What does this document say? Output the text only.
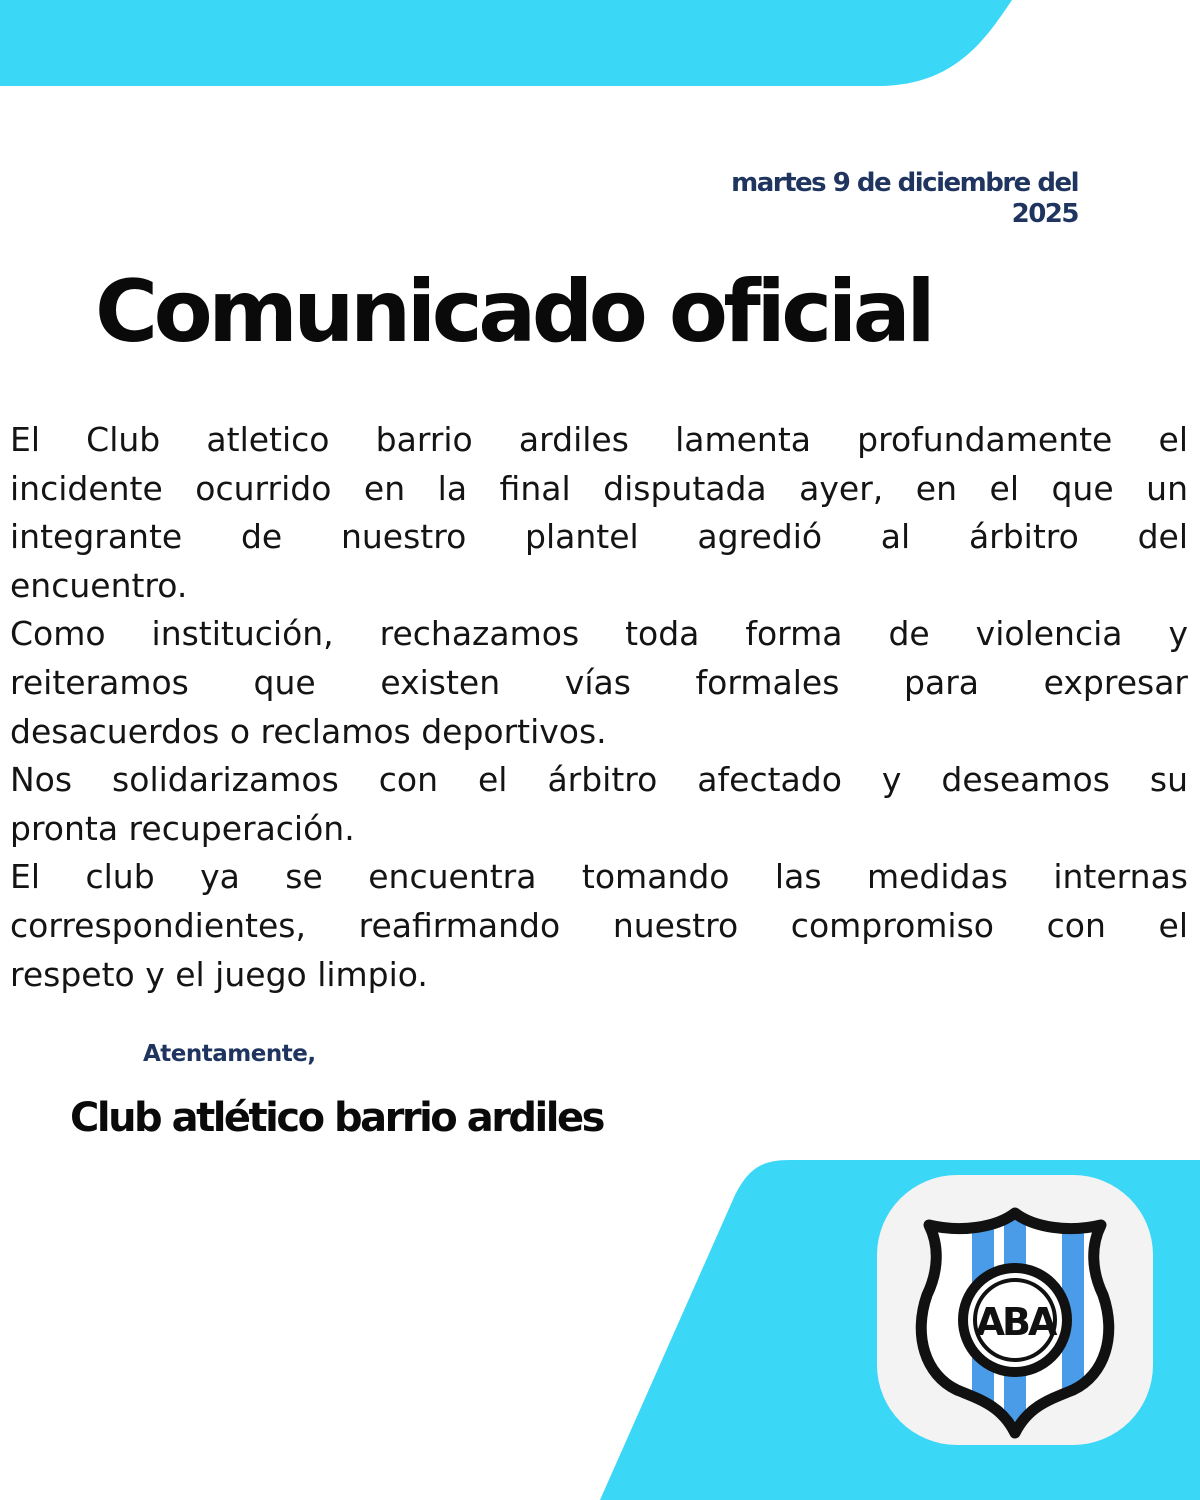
martes 9 de diciembre del
2025
Comunicado oficial
El Club atletico barrio ardiles lamenta profundamente el
incidente ocurrido en la final disputada ayer, en el que un
integrante de nuestro plantel agredió al árbitro del
encuentro.
Como institución, rechazamos toda forma de violencia y
reiteramos que existen vías formales para expresar
desacuerdos o reclamos deportivos.
Nos solidarizamos con el árbitro afectado y deseamos su
pronta recuperación.
El club ya se encuentra tomando las medidas internas
correspondientes, reafirmando nuestro compromiso con el
respeto y el juego limpio.
Atentamente,
Club atlético barrio ardiles
ABA
